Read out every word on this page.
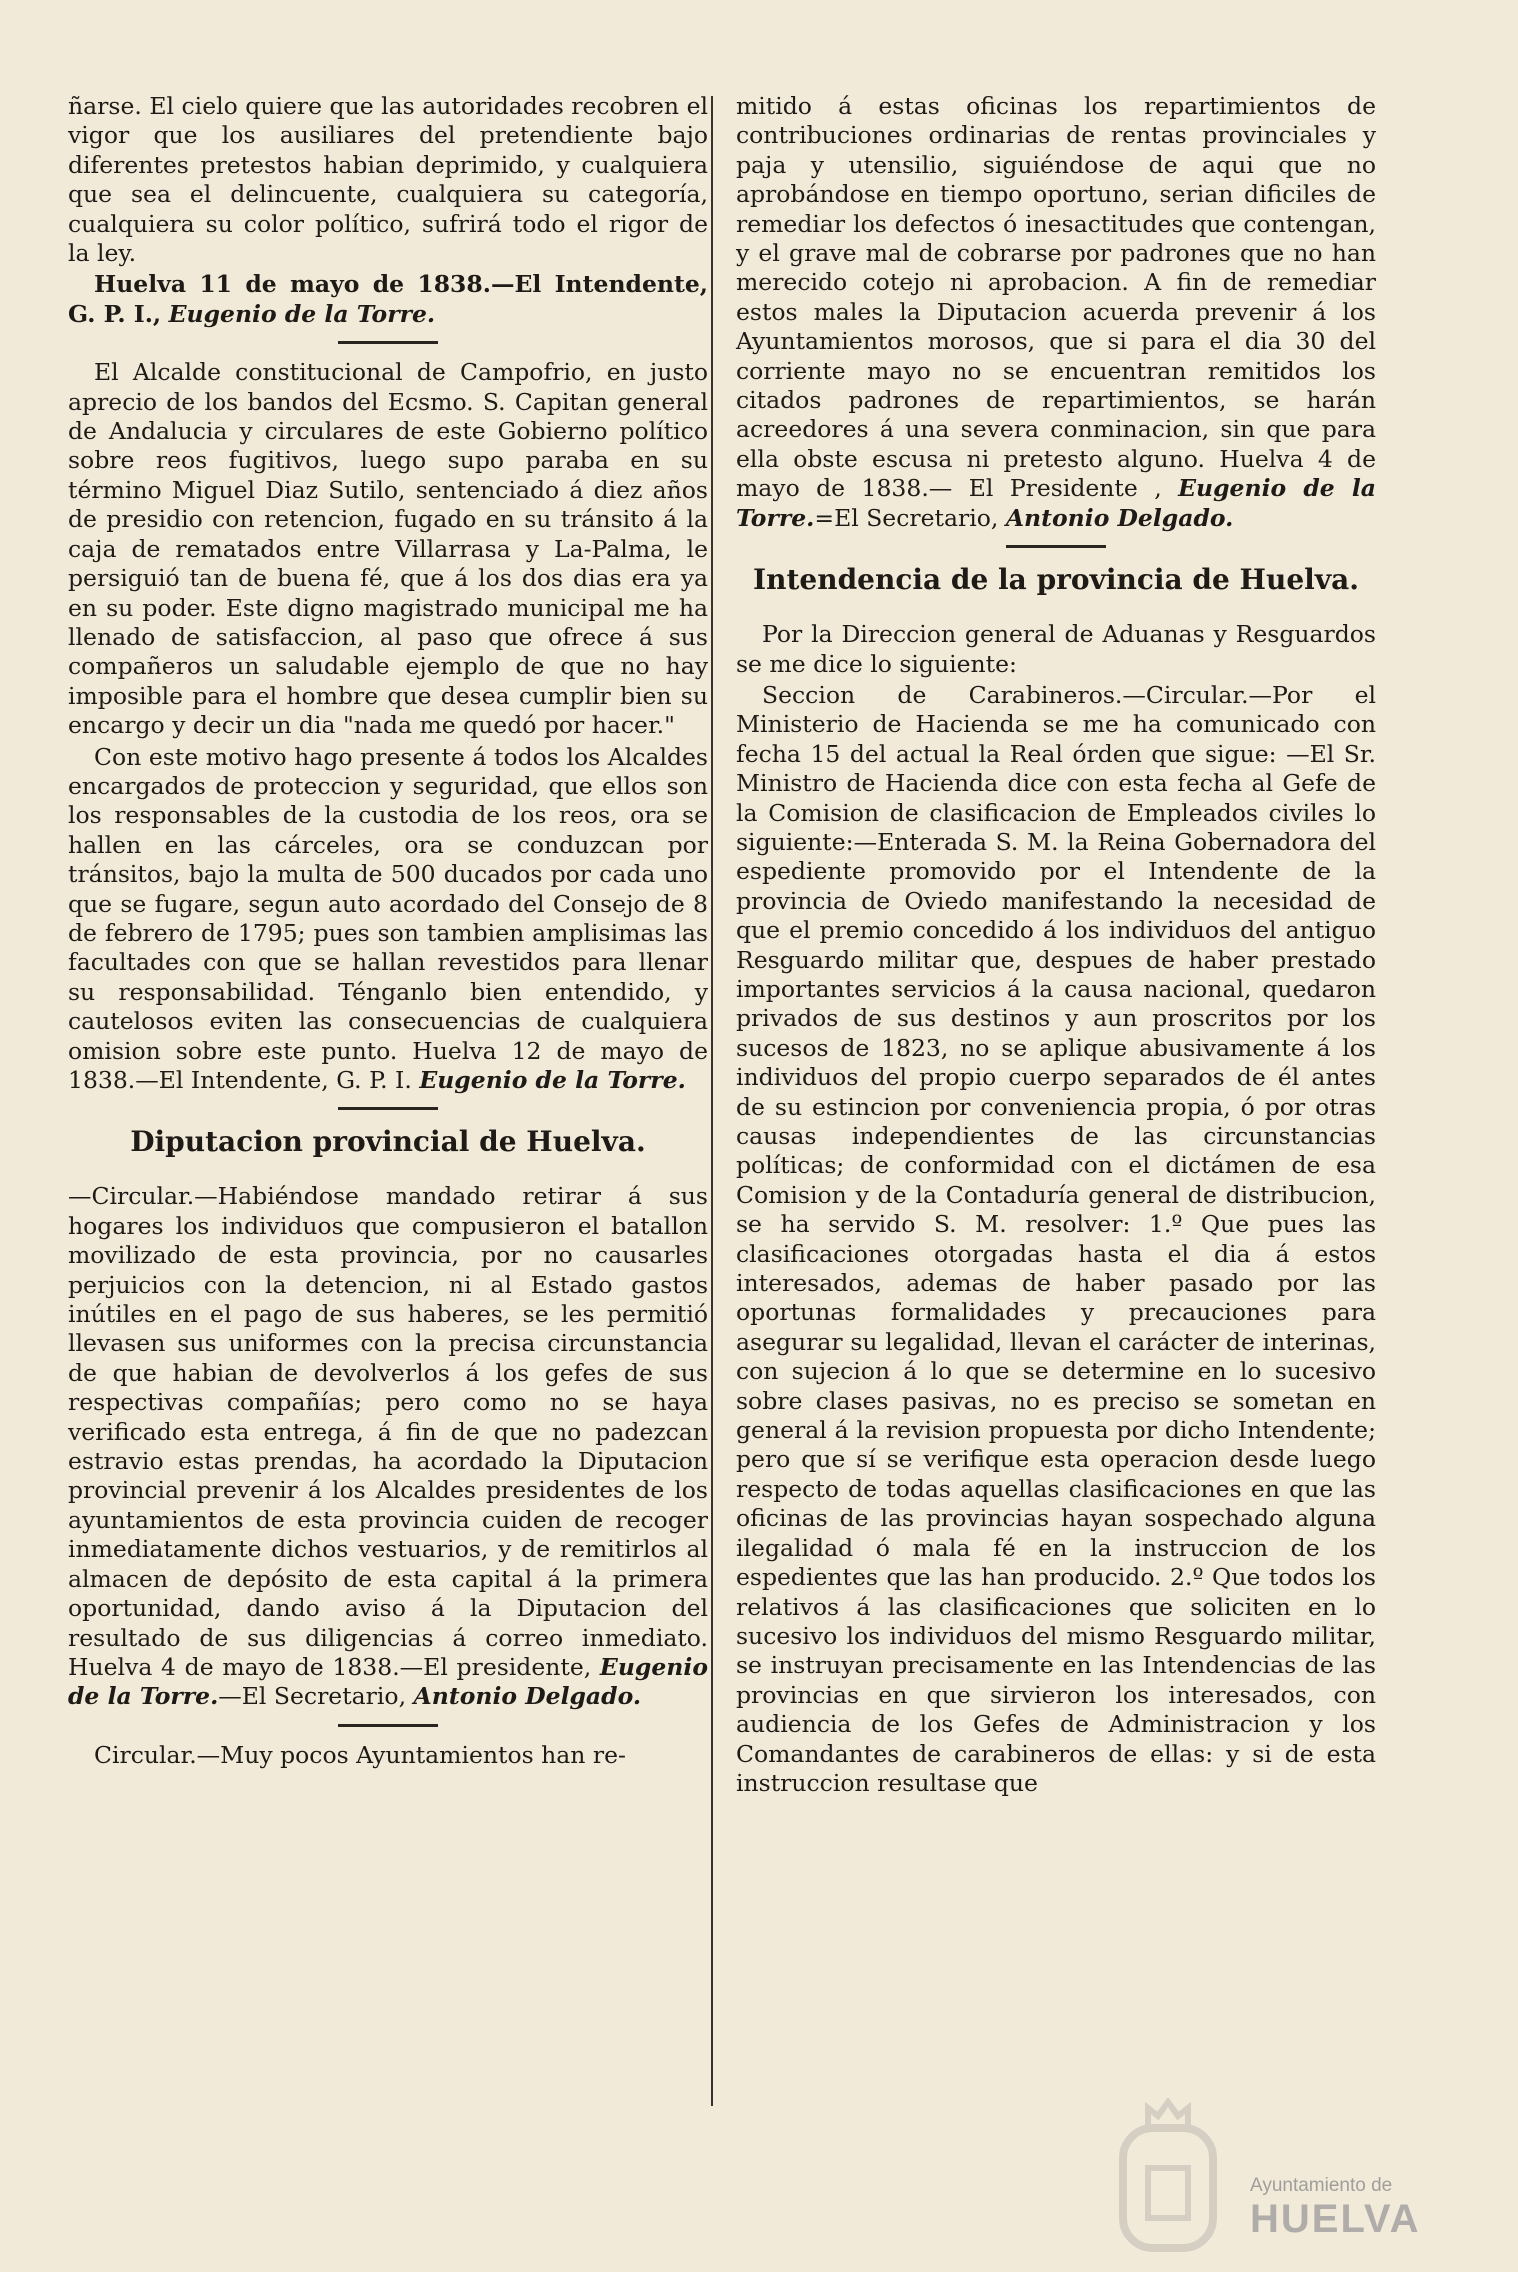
ñarse. El cielo quiere que las autoridades recobren el vigor que los ausiliares del pretendiente bajo diferentes pretestos habian deprimido, y cualquiera que sea el delincuente, cualquiera su categoría, cualquiera su color político, sufrirá todo el rigor de la ley.

Huelva 11 de mayo de 1838.—El Intendente, G. P. I., Eugenio de la Torre.

El Alcalde constitucional de Campofrio, en justo aprecio de los bandos del Ecsmo. S. Capitan general de Andalucia y circulares de este Gobierno político sobre reos fugitivos, luego supo paraba en su término Miguel Diaz Sutilo, sentenciado á diez años de presidio con retencion, fugado en su tránsito á la caja de rematados entre Villarrasa y La-Palma, le persiguió tan de buena fé, que á los dos dias era ya en su poder. Este digno magistrado municipal me ha llenado de satisfaccion, al paso que ofrece á sus compañeros un saludable ejemplo de que no hay imposible para el hombre que desea cumplir bien su encargo y decir un dia "nada me quedó por hacer."

Con este motivo hago presente á todos los Alcaldes encargados de proteccion y seguridad, que ellos son los responsables de la custodia de los reos, ora se hallen en las cárceles, ora se conduzcan por tránsitos, bajo la multa de 500 ducados por cada uno que se fugare, segun auto acordado del Consejo de 8 de febrero de 1795; pues son tambien amplisimas las facultades con que se hallan revestidos para llenar su responsabilidad. Ténganlo bien entendido, y cautelosos eviten las consecuencias de cualquiera omision sobre este punto. Huelva 12 de mayo de 1838.—El Intendente, G. P. I. Eugenio de la Torre.

Diputacion provincial de Huelva.

—Circular.—Habiéndose mandado retirar á sus hogares los individuos que compusieron el batallon movilizado de esta provincia, por no causarles perjuicios con la detencion, ni al Estado gastos inútiles en el pago de sus haberes, se les permitió llevasen sus uniformes con la precisa circunstancia de que habian de devolverlos á los gefes de sus respectivas compañías; pero como no se haya verificado esta entrega, á fin de que no padezcan estravio estas prendas, ha acordado la Diputacion provincial prevenir á los Alcaldes presidentes de los ayuntamientos de esta provincia cuiden de recoger inmediatamente dichos vestuarios, y de remitirlos al almacen de depósito de esta capital á la primera oportunidad, dando aviso á la Diputacion del resultado de sus diligencias á correo inmediato. Huelva 4 de mayo de 1838.—El presidente, Eugenio de la Torre.—El Secretario, Antonio Delgado.

Circular.—Muy pocos Ayuntamientos han re-

mitido á estas oficinas los repartimientos de contribuciones ordinarias de rentas provinciales y paja y utensilio, siguiéndose de aqui que no aprobándose en tiempo oportuno, serian dificiles de remediar los defectos ó inesactitudes que contengan, y el grave mal de cobrarse por padrones que no han merecido cotejo ni aprobacion. A fin de remediar estos males la Diputacion acuerda prevenir á los Ayuntamientos morosos, que si para el dia 30 del corriente mayo no se encuentran remitidos los citados padrones de repartimientos, se harán acreedores á una severa conminacion, sin que para ella obste escusa ni pretesto alguno. Huelva 4 de mayo de 1838.— El Presidente , Eugenio de la Torre.=El Secretario, Antonio Delgado.

Intendencia de la provincia de Huelva.

Por la Direccion general de Aduanas y Resguardos se me dice lo siguiente:

Seccion de Carabineros.—Circular.—Por el Ministerio de Hacienda se me ha comunicado con fecha 15 del actual la Real órden que sigue: —El Sr. Ministro de Hacienda dice con esta fecha al Gefe de la Comision de clasificacion de Empleados civiles lo siguiente:—Enterada S. M. la Reina Gobernadora del espediente promovido por el Intendente de la provincia de Oviedo manifestando la necesidad de que el premio concedido á los individuos del antiguo Resguardo militar que, despues de haber prestado importantes servicios á la causa nacional, quedaron privados de sus destinos y aun proscritos por los sucesos de 1823, no se aplique abusivamente á los individuos del propio cuerpo separados de él antes de su estincion por conveniencia propia, ó por otras causas independientes de las circunstancias políticas; de conformidad con el dictámen de esa Comision y de la Contaduría general de distribucion, se ha servido S. M. resolver: 1.º Que pues las clasificaciones otorgadas hasta el dia á estos interesados, ademas de haber pasado por las oportunas formalidades y precauciones para asegurar su legalidad, llevan el carácter de interinas, con sujecion á lo que se determine en lo sucesivo sobre clases pasivas, no es preciso se sometan en general á la revision propuesta por dicho Intendente; pero que sí se verifique esta operacion desde luego respecto de todas aquellas clasificaciones en que las oficinas de las provincias hayan sospechado alguna ilegalidad ó mala fé en la instruccion de los espedientes que las han producido. 2.º Que todos los relativos á las clasificaciones que soliciten en lo sucesivo los individuos del mismo Resguardo militar, se instruyan precisamente en las Intendencias de las provincias en que sirvieron los interesados, con audiencia de los Gefes de Administracion y los Comandantes de carabineros de ellas: y si de esta instruccion resultase que

Ayuntamiento de
HUELVA
